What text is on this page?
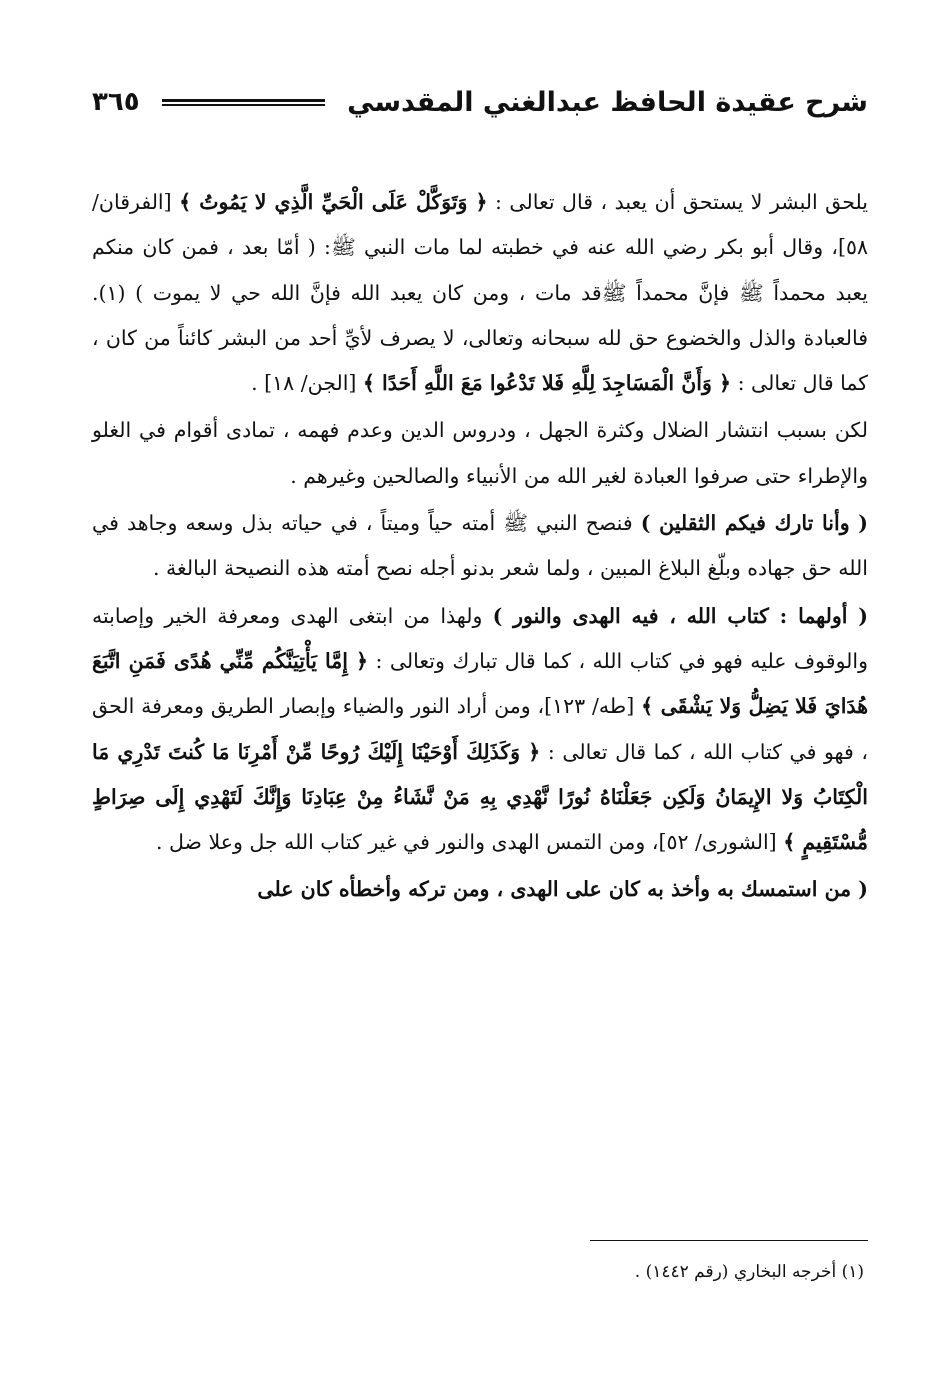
شرح عقيدة الحافظ عبدالغني المقدسي
٣٦٥

يلحق البشر لا يستحق أن يعبد ، قال تعالى : ﴿ وَتَوَكَّلْ عَلَى الْحَيِّ الَّذِي لا يَمُوتُ ﴾ [الفرقان/ ٥٨]، وقال أبو بكر رضي الله عنه في خطبته لما مات النبي ﷺ: ( أمّا بعد ، فمن كان منكم يعبد محمداً ﷺ فإنَّ محمداً ﷺقد مات ، ومن كان يعبد الله فإنَّ الله حي لا يموت ) (١). فالعبادة والذل والخضوع حق لله سبحانه وتعالى، لا يصرف لأيِّ أحد من البشر كائناً من كان ، كما قال تعالى : ﴿ وَأَنَّ الْمَسَاجِدَ لِلَّهِ فَلا تَدْعُوا مَعَ اللَّهِ أَحَدًا ﴾ [الجن/ ١٨] .

لكن بسبب انتشار الضلال وكثرة الجهل ، ودروس الدين وعدم فهمه ، تمادى أقوام في الغلو والإطراء حتى صرفوا العبادة لغير الله من الأنبياء والصالحين وغيرهم .

( وأنا تارك فيكم الثقلين ) فنصح النبي ﷺ أمته حياً وميتاً ، في حياته بذل وسعه وجاهد في الله حق جهاده وبلّغ البلاغ المبين ، ولما شعر بدنو أجله نصح أمته هذه النصيحة البالغة .

( أولهما : كتاب الله ، فيه الهدى والنور ) ولهذا من ابتغى الهدى ومعرفة الخير وإصابته والوقوف عليه فهو في كتاب الله ، كما قال تبارك وتعالى : ﴿ إِمَّا يَأْتِيَنَّكُم مِّنِّي هُدًى فَمَنِ اتَّبَعَ هُدَايَ فَلا يَضِلُّ وَلا يَشْقَى ﴾ [طه/ ١٢٣]، ومن أراد النور والضياء وإبصار الطريق ومعرفة الحق ، فهو في كتاب الله ، كما قال تعالى : ﴿ وَكَذَلِكَ أَوْحَيْنَا إِلَيْكَ رُوحًا مِّنْ أَمْرِنَا مَا كُنتَ تَدْرِي مَا الْكِتَابُ وَلا الإِيمَانُ وَلَكِن جَعَلْنَاهُ نُورًا نَّهْدِي بِهِ مَنْ نَّشَاءُ مِنْ عِبَادِنَا وَإِنَّكَ لَتَهْدِي إِلَى صِرَاطٍ مُّسْتَقِيمٍ ﴾ [الشورى/ ٥٢]، ومن التمس الهدى والنور في غير كتاب الله جل وعلا ضل .

( من استمسك به وأخذ به كان على الهدى ، ومن تركه وأخطأه كان على

(١) أخرجه البخاري (رقم ١٤٤٢) .
